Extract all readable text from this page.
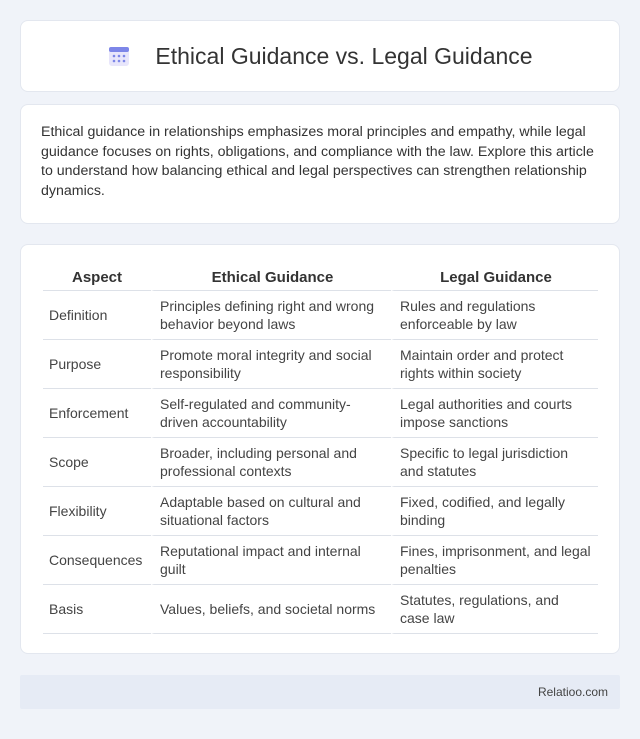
Ethical Guidance vs. Legal Guidance

Ethical guidance in relationships emphasizes moral principles and empathy, while legal guidance focuses on rights, obligations, and compliance with the law. Explore this article to understand how balancing ethical and legal perspectives can strengthen relationship dynamics.

Aspect	Ethical Guidance	Legal Guidance
Definition	Principles defining right and wrong behavior beyond laws	Rules and regulations enforceable by law
Purpose	Promote moral integrity and social responsibility	Maintain order and protect rights within society
Enforcement	Self-regulated and community-driven accountability	Legal authorities and courts impose sanctions
Scope	Broader, including personal and professional contexts	Specific to legal jurisdiction and statutes
Flexibility	Adaptable based on cultural and situational factors	Fixed, codified, and legally binding
Consequences	Reputational impact and internal guilt	Fines, imprisonment, and legal penalties
Basis	Values, beliefs, and societal norms	Statutes, regulations, and case law
Relatioo.com
